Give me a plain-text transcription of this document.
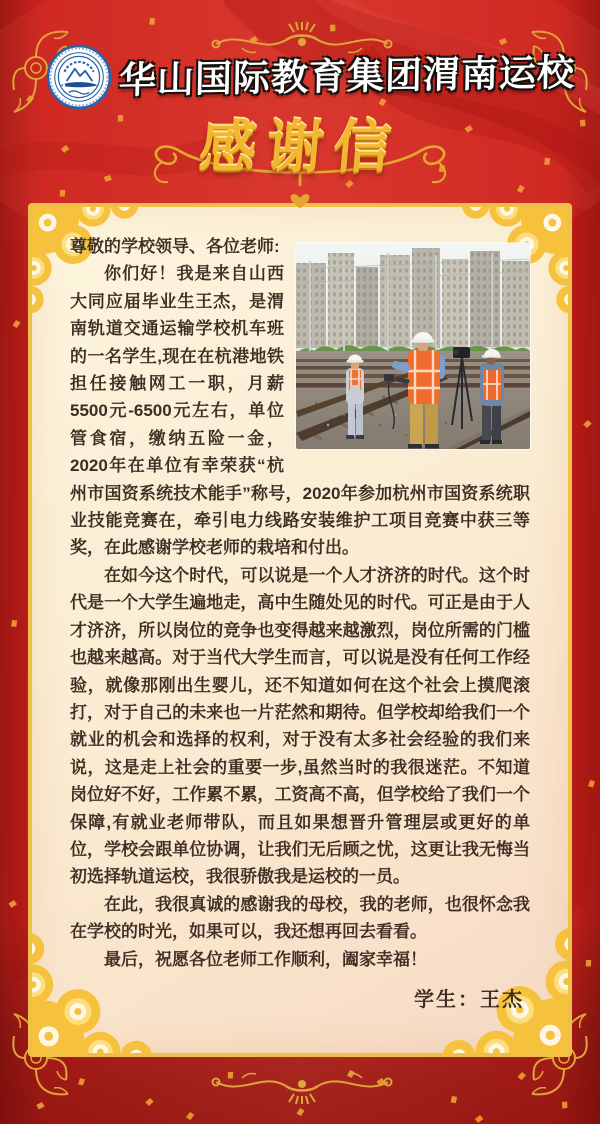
华山国际教育集团渭南运校
感谢信

尊敬的学校领导、各位老师:

你们好！我是来自山西大同应届毕业生王杰，是渭南轨道交通运输学校机车班的一名学生,现在在杭港地铁担任接触网工一职，月薪5500元-6500元左右，单位管食宿，缴纳五险一金，2020年在单位有幸荣获“杭州市国资系统技术能手”称号，2020年参加杭州市国资系统职业技能竞赛在，牵引电力线路安装维护工项目竞赛中获三等奖，在此感谢学校老师的栽培和付出。

在如今这个时代，可以说是一个人才济济的时代。这个时代是一个大学生遍地走，高中生随处见的时代。可正是由于人才济济，所以岗位的竞争也变得越来越激烈，岗位所需的门槛也越来越高。对于当代大学生而言，可以说是没有任何工作经验，就像那刚出生婴儿，还不知道如何在这个社会上摸爬滚打，对于自己的未来也一片茫然和期待。但学校却给我们一个就业的机会和选择的权利，对于没有太多社会经验的我们来说，这是走上社会的重要一步,虽然当时的我很迷茫。不知道岗位好不好，工作累不累，工资高不高，但学校给了我们一个保障,有就业老师带队，而且如果想晋升管理层或更好的单位，学校会跟单位协调，让我们无后顾之忧，这更让我无悔当初选择轨道运校，我很骄傲我是运校的一员。

在此，我很真诚的感谢我的母校，我的老师，也很怀念我在学校的时光，如果可以，我还想再回去看看。

最后，祝愿各位老师工作顺利，阖家幸福！

学生：王杰
